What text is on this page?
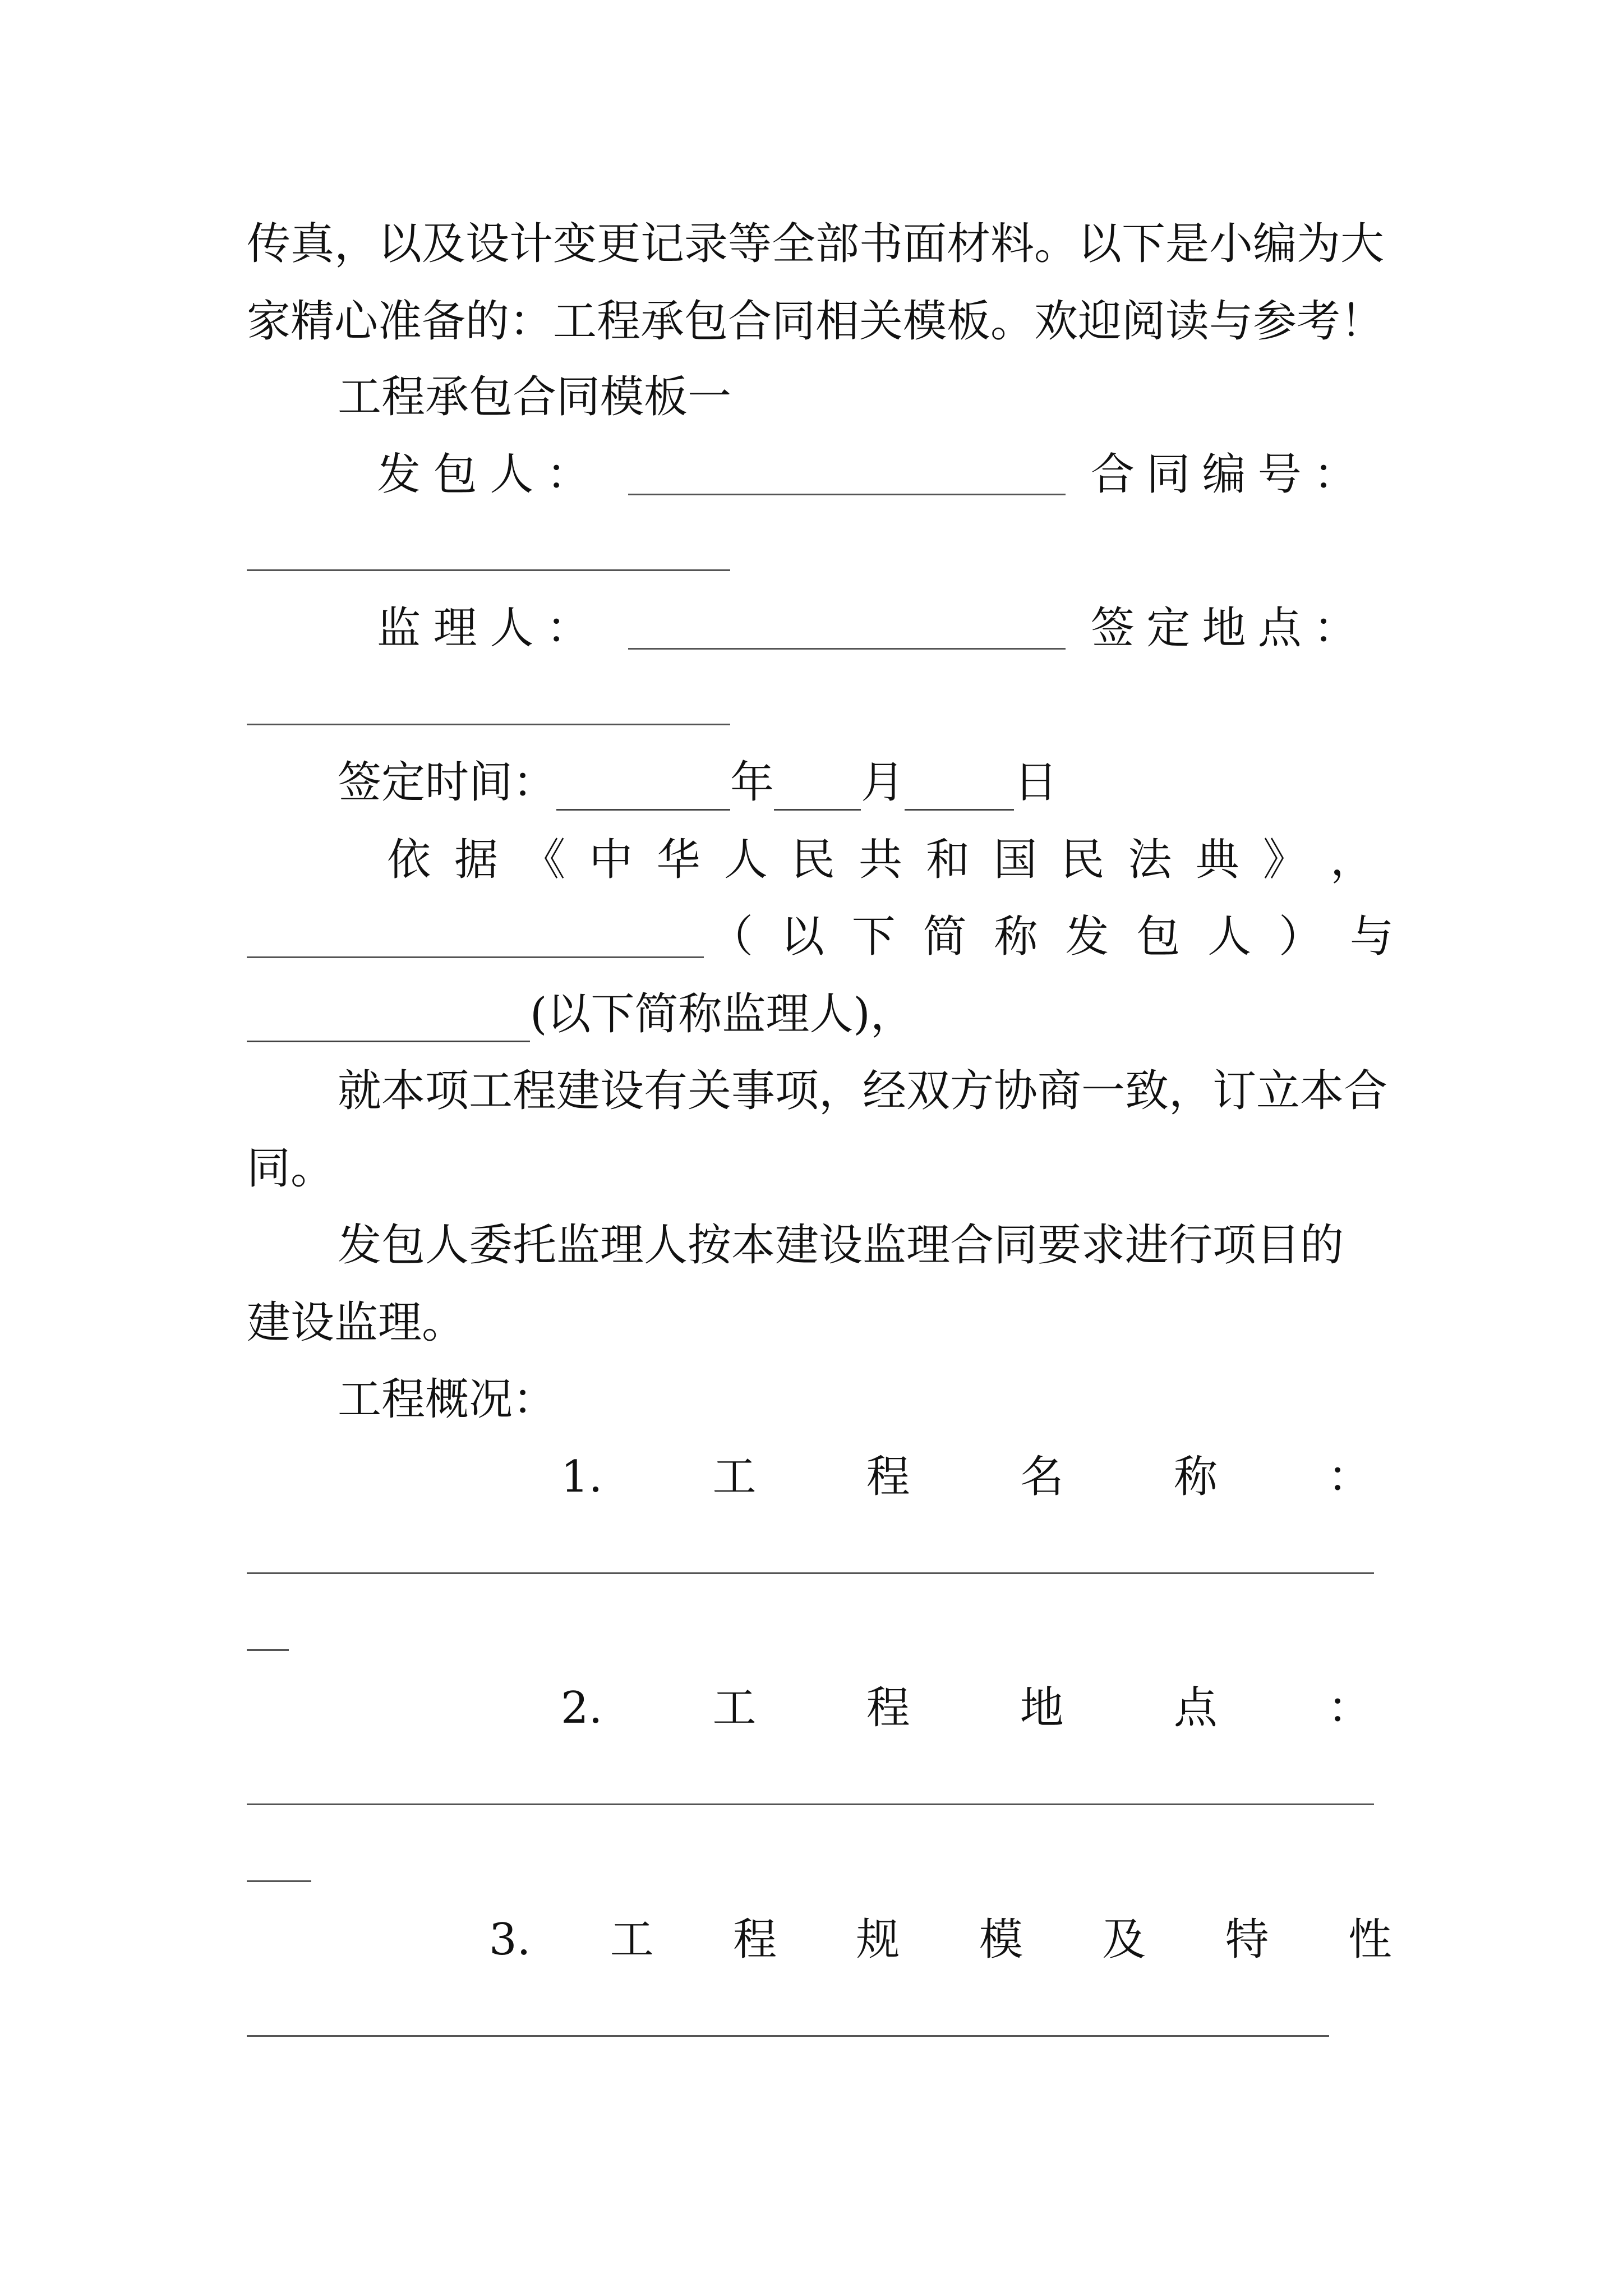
传真，以及设计变更记录等全部书面材料。以下是小编为大
家精心准备的：工程承包合同相关模板。欢迎阅读与参考！
工程承包合同模板一
发 包 人 ：	合 同 编 号 ：
监 理 人 ：	签 定 地 点 ：
签定时间：	年 月	日
依 据 《 中 华 人 民 共 和 国 民 法 典 》 ，
（ 以 下 简 称 发 包 人 ） 与
(以下简称监理人)，
就本项工程建设有关事项，经双方协商一致，订立本合
同。
发包人委托监理人按本建设监理合同要求进行项目的
建设监理。
工程概况：
1.	工	程	名	称	：
2.	工	程	地	点	：
3. 工 程 规 模 及 特 性
